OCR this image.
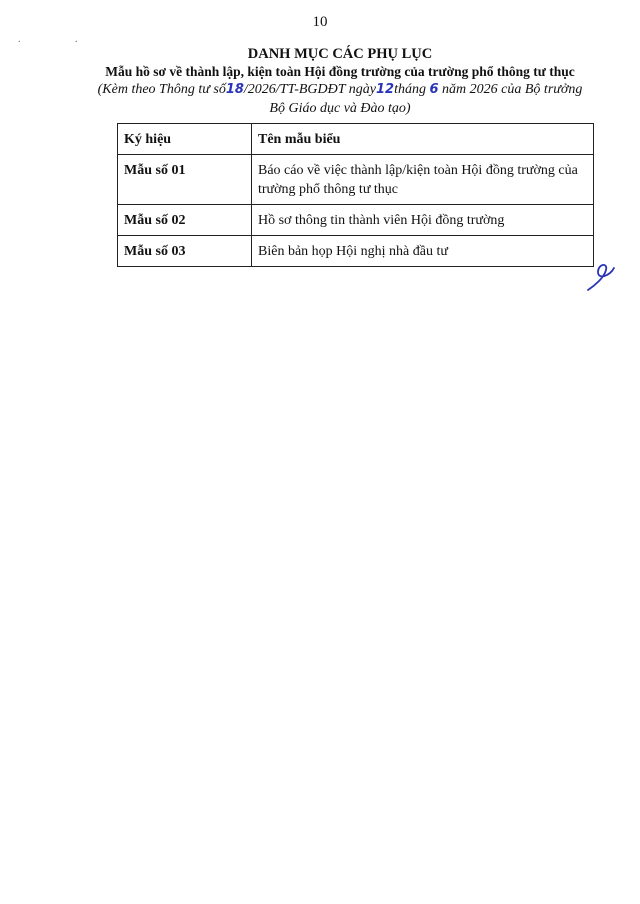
10
. .
DANH MỤC CÁC PHỤ LỤC
Mẫu hồ sơ về thành lập, kiện toàn Hội đồng trường của trường phổ thông tư thục
(Kèm theo Thông tư số18/2026/TT-BGDĐT ngày12tháng 6 năm 2026 của Bộ trưởng
Bộ Giáo dục và Đào tạo)
Ký hiệu	Tên mẫu biểu
Mẫu số 01	Báo cáo về việc thành lập/kiện toàn Hội đồng trường của trường phổ thông tư thục
Mẫu số 02	Hồ sơ thông tin thành viên Hội đồng trường
Mẫu số 03	Biên bản họp Hội nghị nhà đầu tư
